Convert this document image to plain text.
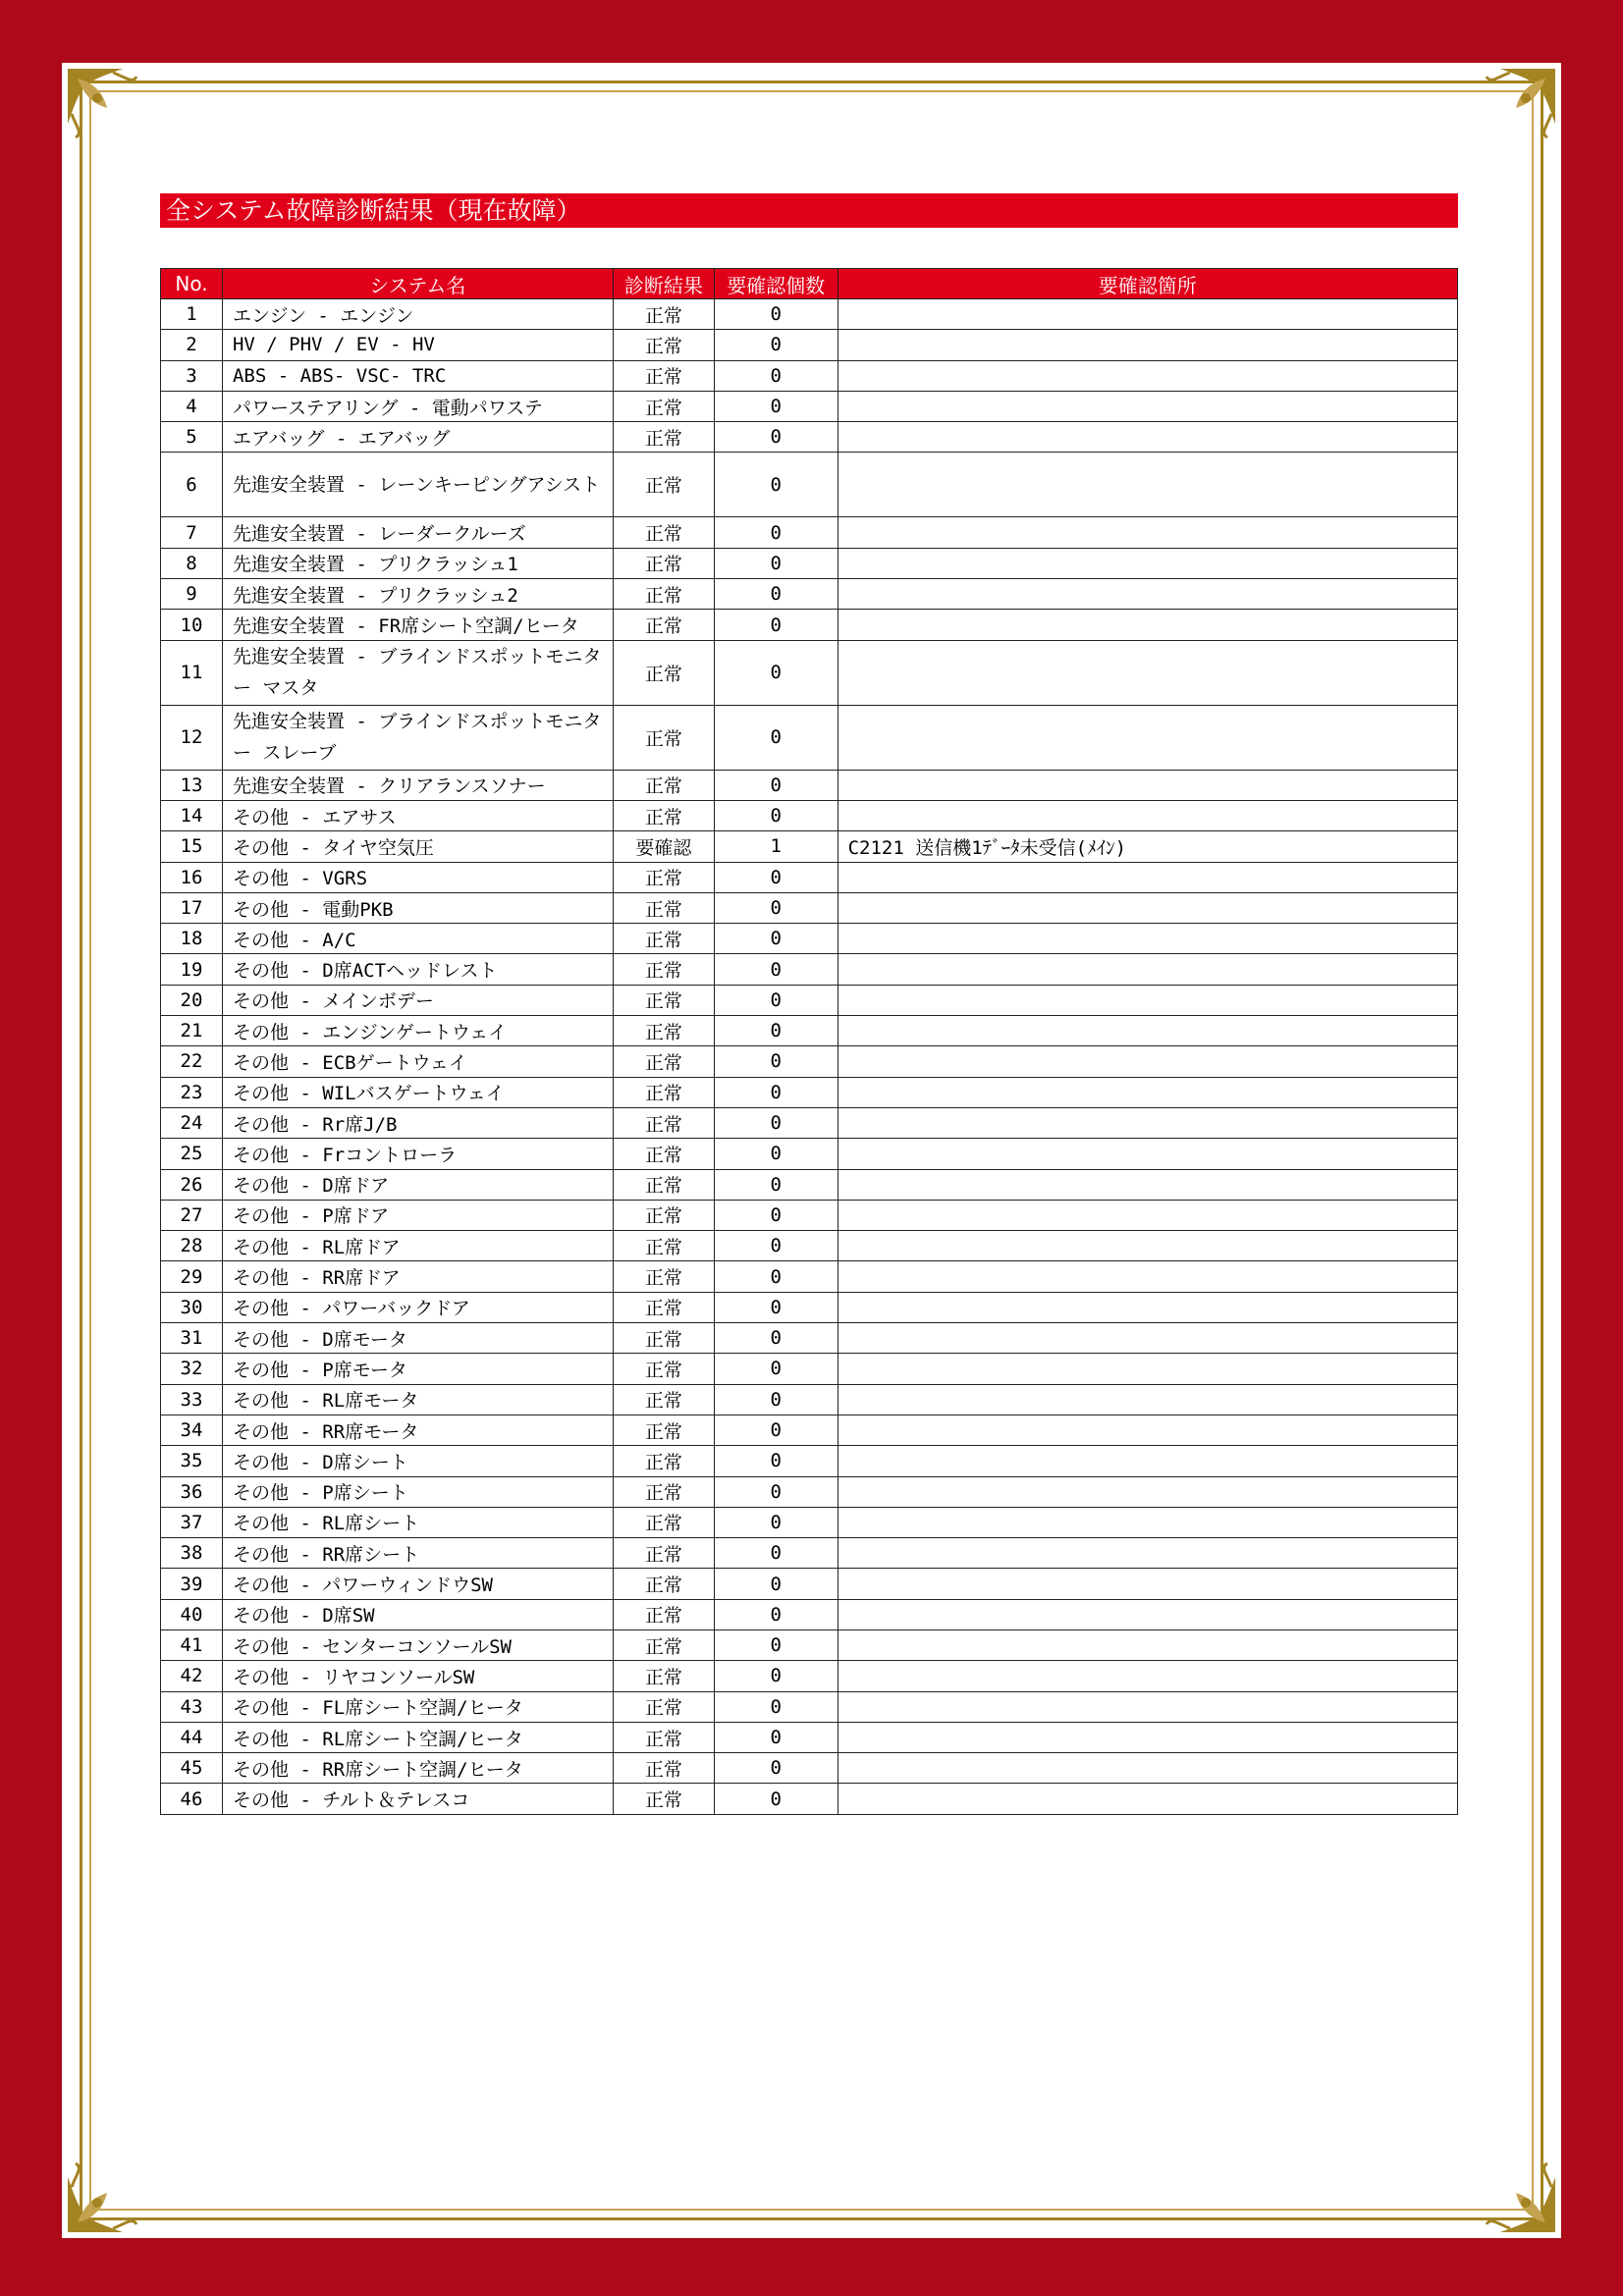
全システム故障診断結果（現在故障）
No.	システム名	診断結果	要確認個数	要確認箇所
1	エンジン - エンジン	正常	0	
2	HV / PHV / EV - HV	正常	0	
3	ABS - ABS- VSC- TRC	正常	0	
4	パワーステアリング - 電動パワステ	正常	0	
5	エアバッグ - エアバッグ	正常	0	
6	先進安全装置 - レーンキーピングアシスト	正常	0	
7	先進安全装置 - レーダークルーズ	正常	0	
8	先進安全装置 - プリクラッシュ1	正常	0	
9	先進安全装置 - プリクラッシュ2	正常	0	
10	先進安全装置 - FR席シート空調/ヒータ	正常	0	
11	先進安全装置 - ブラインドスポットモニター マスタ	正常	0	
12	先進安全装置 - ブラインドスポットモニター スレーブ	正常	0	
13	先進安全装置 - クリアランスソナー	正常	0	
14	その他 - エアサス	正常	0	
15	その他 - タイヤ空気圧	要確認	1	C2121 送信機1ﾃﾞｰﾀ未受信(ﾒｲﾝ)
16	その他 - VGRS	正常	0	
17	その他 - 電動PKB	正常	0	
18	その他 - A/C	正常	0	
19	その他 - D席ACTヘッドレスト	正常	0	
20	その他 - メインボデー	正常	0	
21	その他 - エンジンゲートウェイ	正常	0	
22	その他 - ECBゲートウェイ	正常	0	
23	その他 - WILバスゲートウェイ	正常	0	
24	その他 - Rr席J/B	正常	0	
25	その他 - Frコントローラ	正常	0	
26	その他 - D席ドア	正常	0	
27	その他 - P席ドア	正常	0	
28	その他 - RL席ドア	正常	0	
29	その他 - RR席ドア	正常	0	
30	その他 - パワーバックドア	正常	0	
31	その他 - D席モータ	正常	0	
32	その他 - P席モータ	正常	0	
33	その他 - RL席モータ	正常	0	
34	その他 - RR席モータ	正常	0	
35	その他 - D席シート	正常	0	
36	その他 - P席シート	正常	0	
37	その他 - RL席シート	正常	0	
38	その他 - RR席シート	正常	0	
39	その他 - パワーウィンドウSW	正常	0	
40	その他 - D席SW	正常	0	
41	その他 - センターコンソールSW	正常	0	
42	その他 - リヤコンソールSW	正常	0	
43	その他 - FL席シート空調/ヒータ	正常	0	
44	その他 - RL席シート空調/ヒータ	正常	0	
45	その他 - RR席シート空調/ヒータ	正常	0	
46	その他 - チルト＆テレスコ	正常	0	
